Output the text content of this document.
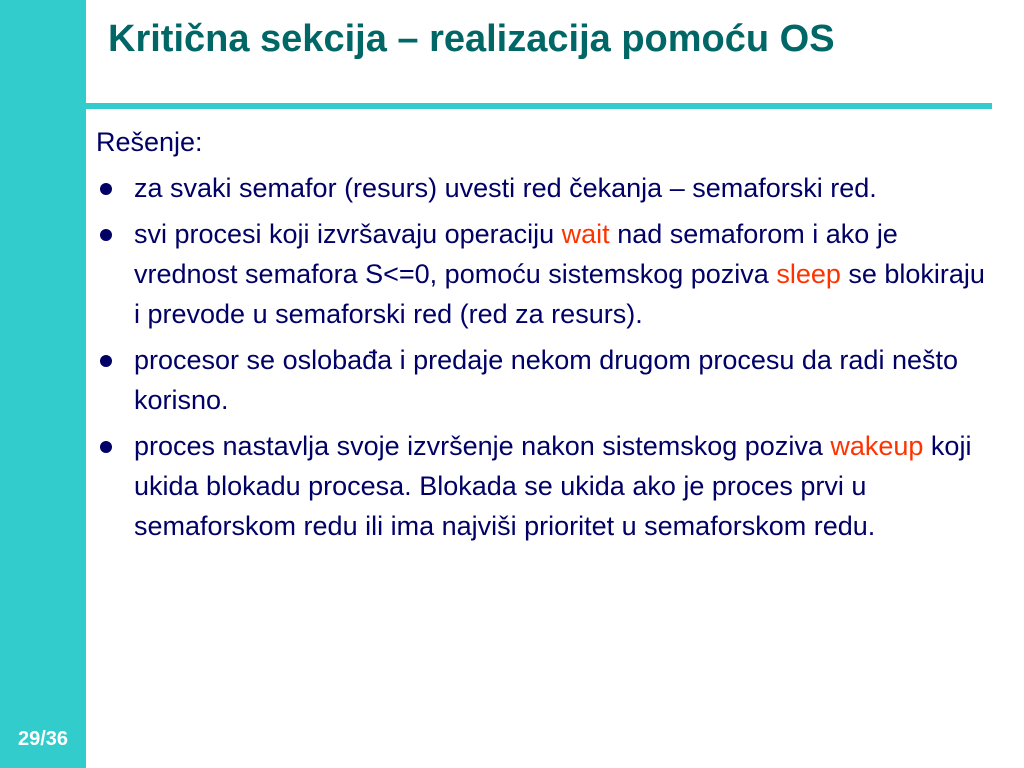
29/36
Kritična sekcija – realizacija pomoću OS

Rešenje:

za svaki semafor (resurs) uvesti red čekanja – semaforski red.
svi procesi koji izvršavaju operaciju wait nad semaforom i ako je vrednost semafora S<=0, pomoću sistemskog poziva sleep se blokiraju i prevode u semaforski red (red za resurs).
procesor se oslobađa i predaje nekom drugom procesu da radi nešto korisno.
proces nastavlja svoje izvršenje nakon sistemskog poziva wakeup koji ukida blokadu procesa. Blokada se ukida ako je proces prvi u semaforskom redu ili ima najviši prioritet u semaforskom redu.
